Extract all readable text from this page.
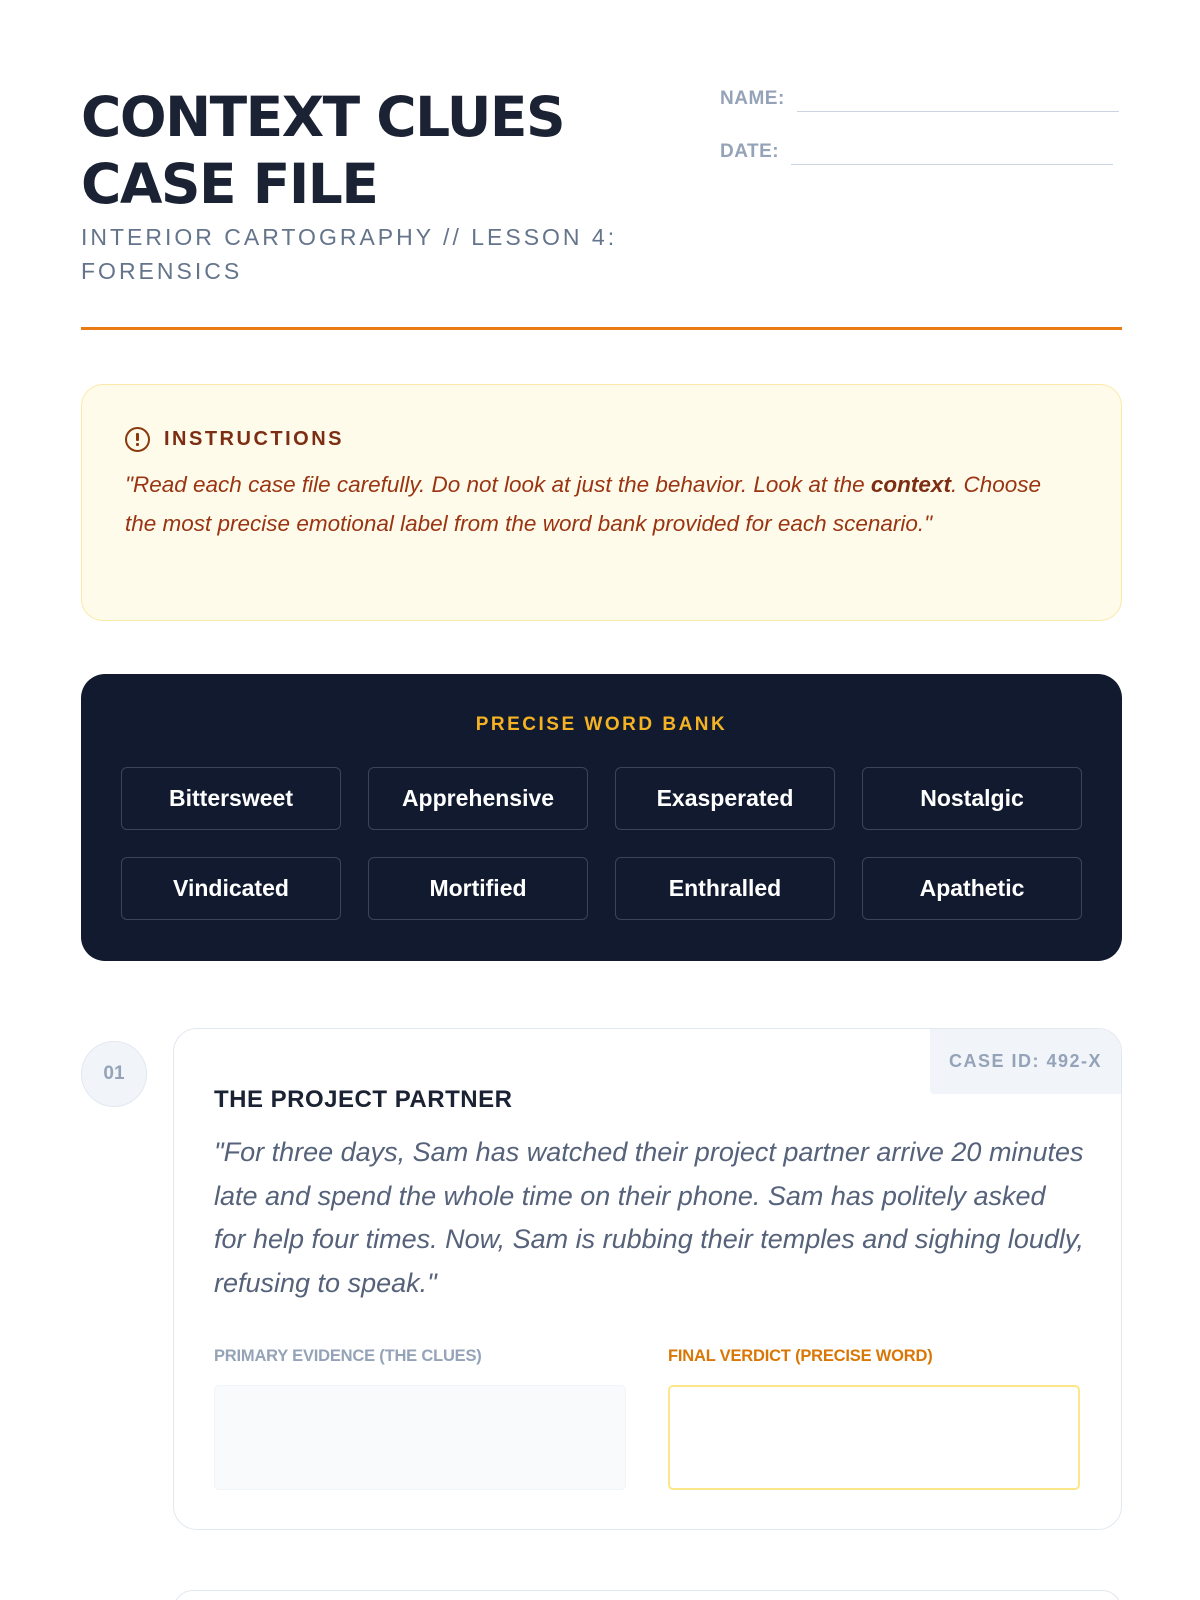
CONTEXT CLUES
CASE FILE
INTERIOR CARTOGRAPHY // LESSON 4: FORENSICS
NAME:
DATE:
INSTRUCTIONS

"Read each case file carefully. Do not look at just the behavior. Look at the context. Choose the most precise emotional label from the word bank provided for each scenario."

PRECISE WORD BANK
Bittersweet	Apprehensive	Exasperated	Nostalgic
Vindicated	Mortified	Enthralled	Apathetic
01
CASE ID: 492-X
THE PROJECT PARTNER

"For three days, Sam has watched their project partner arrive 20 minutes late and spend the whole time on their phone. Sam has politely asked for help four times. Now, Sam is rubbing their temples and sighing loudly, refusing to speak."

PRIMARY EVIDENCE (THE CLUES)	FINAL VERDICT (PRECISE WORD)
